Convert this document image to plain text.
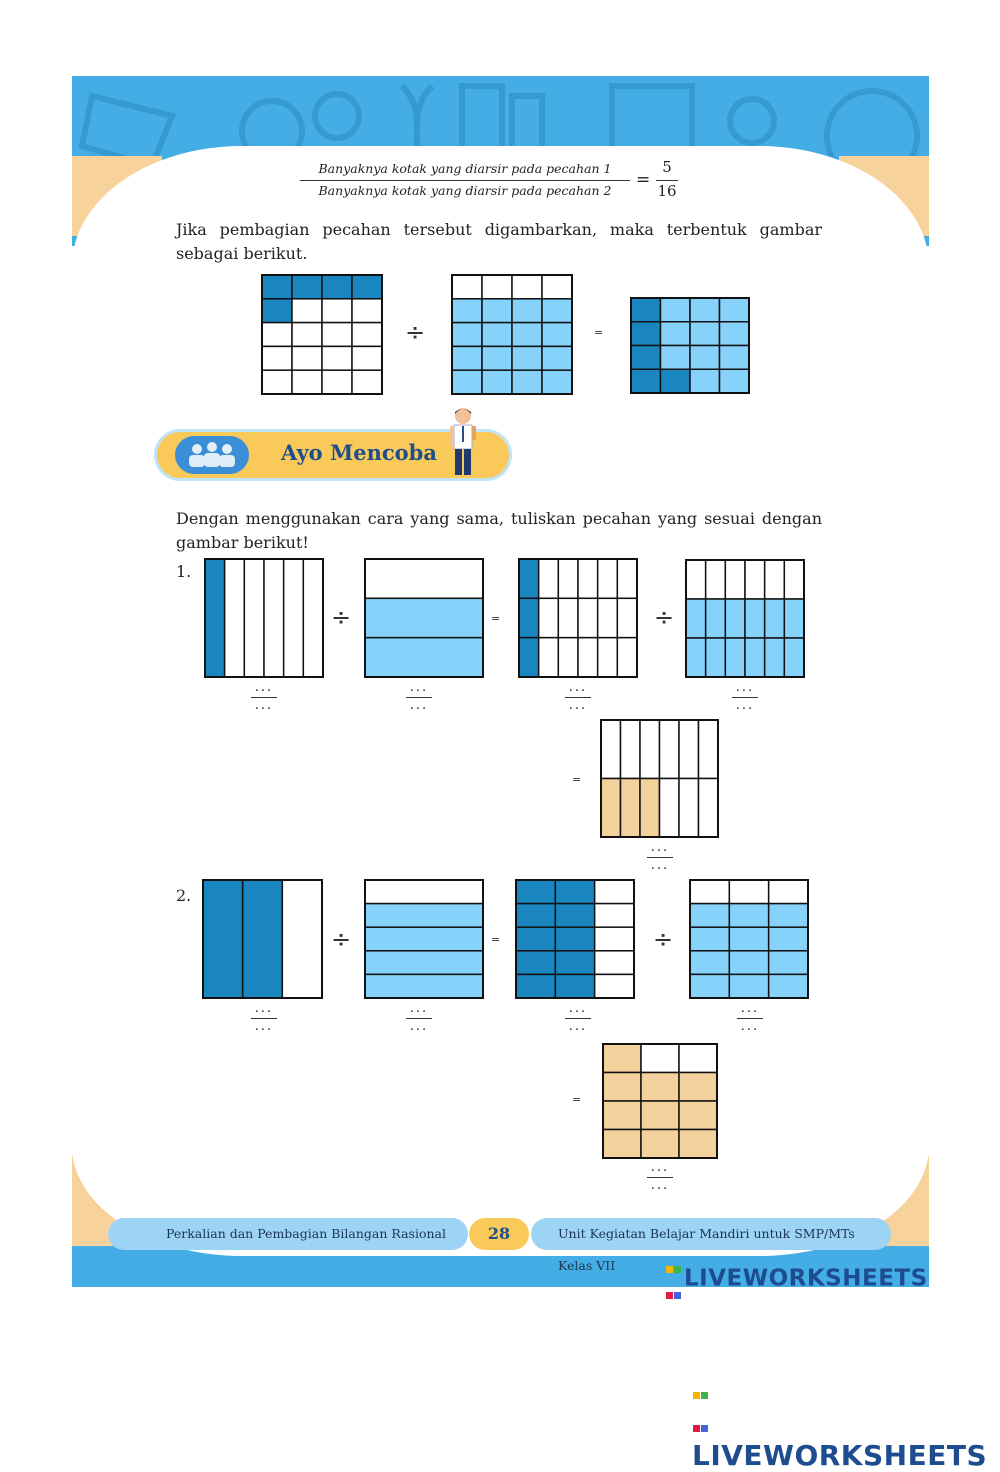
Banyaknya kotak yang diarsir pada pecahan 1
Banyaknya kotak yang diarsir pada pecahan 2
=
5
16
Jika pembagian pecahan tersebut digambarkan, maka terbentuk gambar sebagai berikut.
÷	=
Ayo Mencoba
Dengan menggunakan cara yang sama, tuliskan pecahan yang sesuai dengan gambar berikut!
1.
÷	=	÷
=
...
...
...
...
...
...
...
...
...
...
2.
÷	=	÷
=
...
...
...
...
...
...
...
...
...
...
Perkalian dan Pembagian Bilangan Rasional	28	Unit Kegiatan Belajar Mandiri untuk SMP/MTs Kelas VII	LIVEWORKSHEETS

LIVEWORKSHEETS
